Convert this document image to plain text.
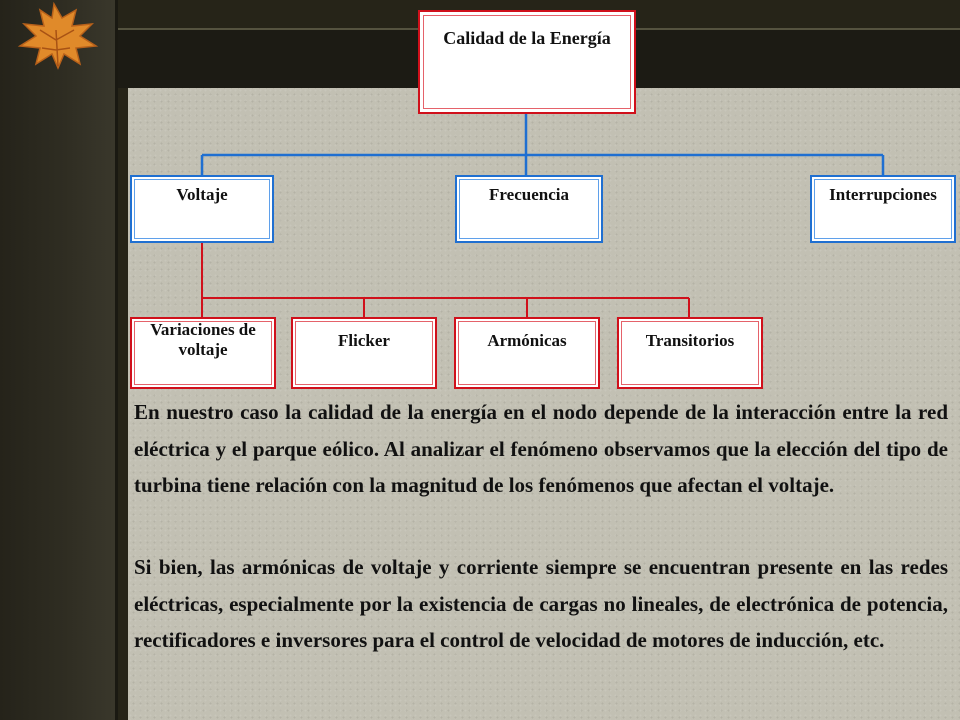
Calidad de la Energía
Voltaje	Frecuencia	Interrupciones
Variaciones de voltaje	Flicker	Armónicas	Transitorios

En nuestro caso la calidad de la energía en el nodo depende de la interacción entre la red eléctrica y el parque eólico. Al analizar el fenómeno observamos que la elección del tipo de turbina tiene relación con la magnitud de los fenómenos que afectan el voltaje.

Si bien, las armónicas de voltaje y corriente siempre se encuentran presente en las redes eléctricas, especialmente por la existencia de cargas no lineales, de electrónica de potencia, rectificadores e inversores para el control de velocidad de motores de inducción, etc.
